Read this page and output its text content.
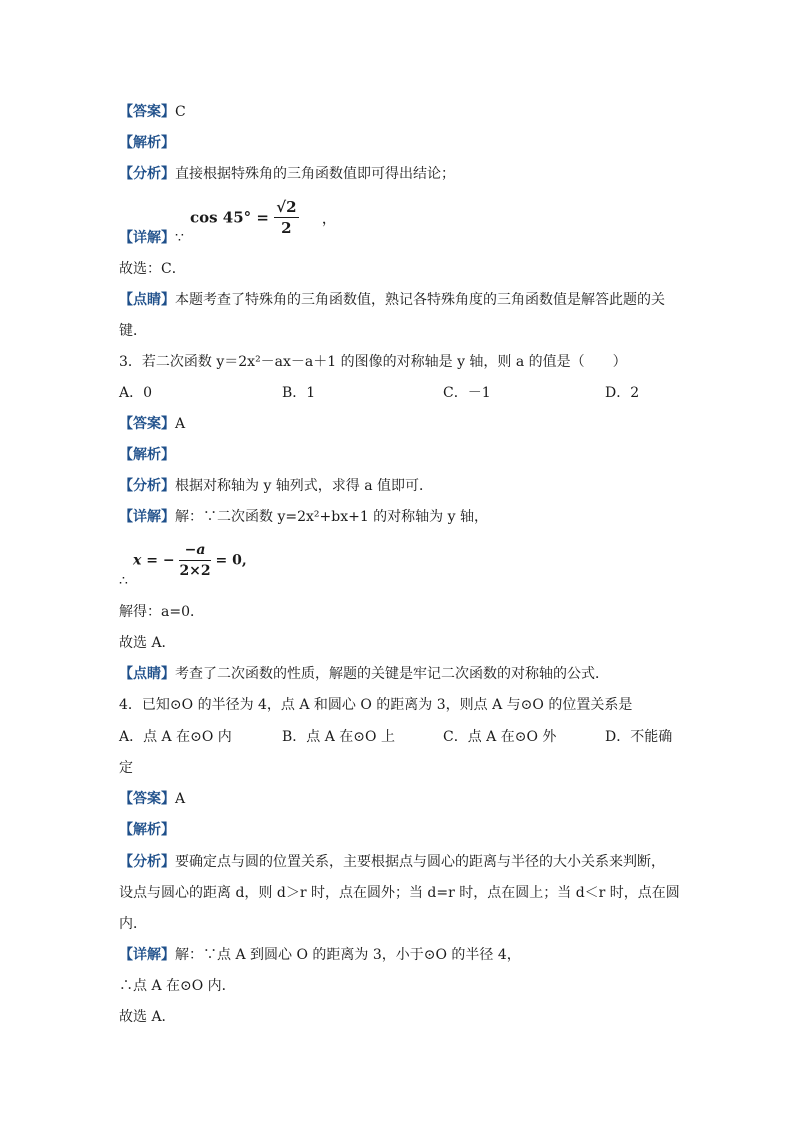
【答案】C
【解析】
【分析】直接根据特殊角的三角函数值即可得出结论；
【详解】∵
$\cos 45^\circ = \frac{√2}{2}$ ，
故选：C．
【点睛】本题考查了特殊角的三角函数值，熟记各特殊角度的三角函数值是解答此题的关
键．
3．若二次函数 y＝2x²－ax－a＋1 的图像的对称轴是 y 轴，则 a 的值是（　　）
A．0	B．1	C．－1	D．2
【答案】A
【解析】
【分析】根据对称轴为 y 轴列式，求得 a 值即可．
【详解】解：∵二次函数 y=2x²+bx+1 的对称轴为 y 轴，
x = − $\frac{-a}{2\times 2} = 0$,
∴
解得：a=0．
故选 A．
【点睛】考查了二次函数的性质，解题的关键是牢记二次函数的对称轴的公式．
4．已知⊙O 的半径为 4，点 A 和圆心 O 的距离为 3，则点 A 与⊙O 的位置关系是
A．点 A 在⊙O 内	B．点 A 在⊙O 上	C．点 A 在⊙O 外	D．不能确
定
【答案】A
【解析】
【分析】要确定点与圆的位置关系，主要根据点与圆心的距离与半径的大小关系来判断，
设点与圆心的距离 d，则 d＞r 时，点在圆外；当 d=r 时，点在圆上；当 d＜r 时，点在圆
内．
【详解】解：∵点 A 到圆心 O 的距离为 3，小于⊙O 的半径 4，
∴点 A 在⊙O 内．
故选 A．
